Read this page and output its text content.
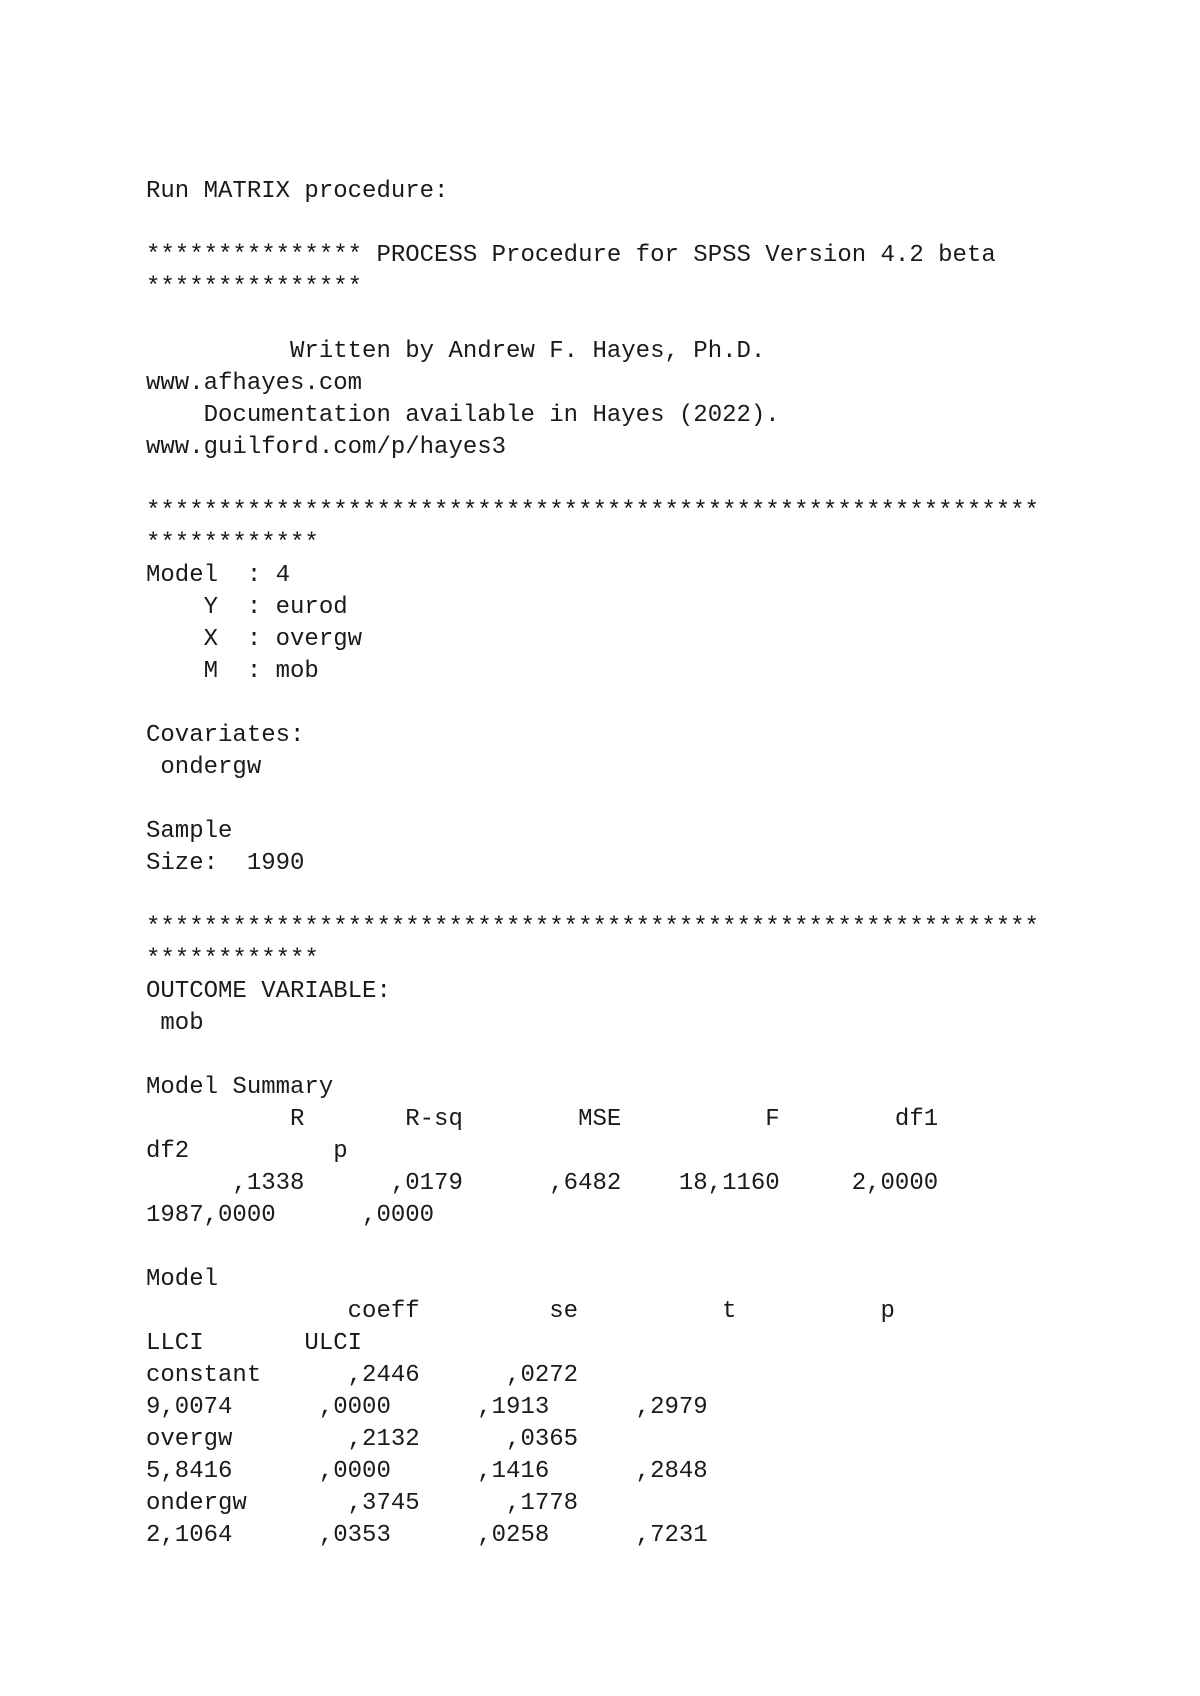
Run MATRIX procedure:
*************** PROCESS Procedure for SPSS Version 4.2 beta
***************
Written by Andrew F. Hayes, Ph.D.
www.afhayes.com
Documentation available in Hayes (2022).
www.guilford.com/p/hayes3
**************************************************************
************
Model  : 4
Y  : eurod
X  : overgw
M  : mob
Covariates:
ondergw
Sample
Size:  1990
**************************************************************
************
OUTCOME VARIABLE:
mob
Model Summary
R       R-sq        MSE          F        df1
df2          p
,1338      ,0179      ,6482    18,1160     2,0000
1987,0000      ,0000
Model
coeff         se          t          p
LLCI       ULCI
constant      ,2446      ,0272
9,0074      ,0000      ,1913      ,2979
overgw        ,2132      ,0365
5,8416      ,0000      ,1416      ,2848
ondergw       ,3745      ,1778
2,1064      ,0353      ,0258      ,7231
